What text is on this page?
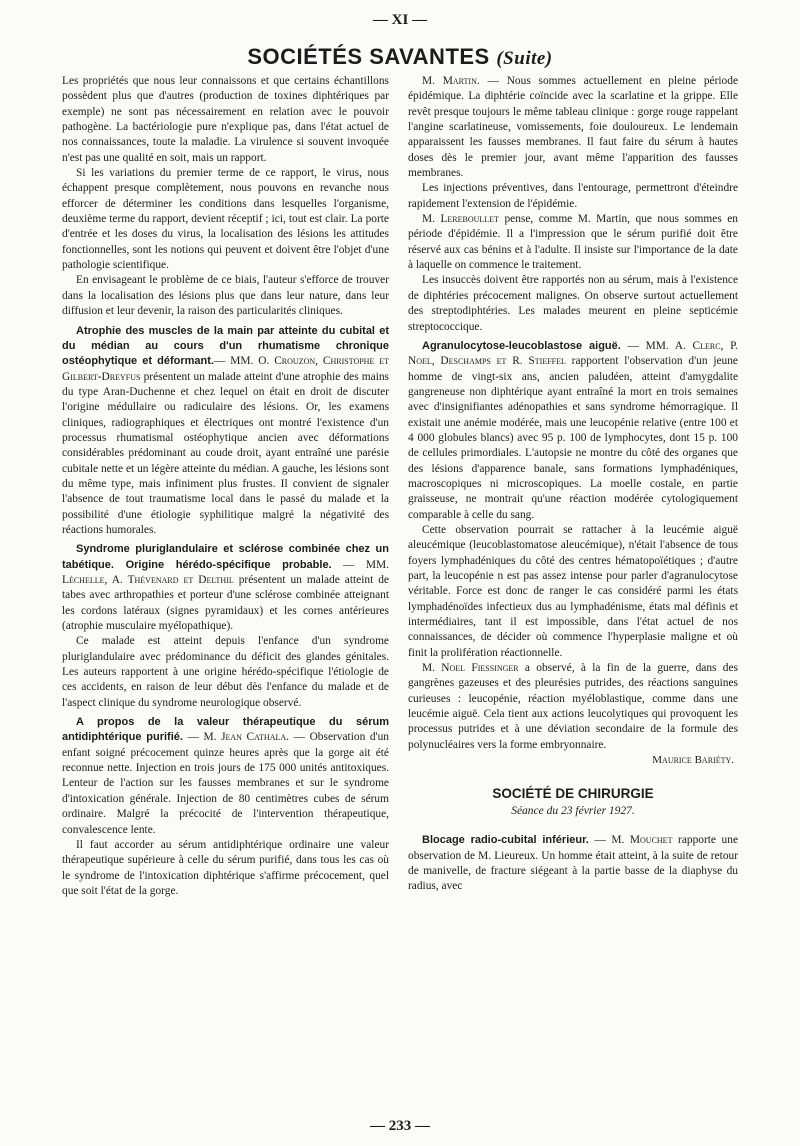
— XI —
SOCIÉTÉS SAVANTES (Suite)

Les propriétés que nous leur connaissons et que certains échantillons possèdent plus que d'autres (production de toxines diphtériques par exemple) ne sont pas nécessairement en relation avec le pouvoir pathogène. La bactériologie pure n'explique pas, dans l'état actuel de nos connaissances, toute la maladie. La virulence si souvent invoquée n'est pas une qualité en soit, mais un rapport.

Si les variations du premier terme de ce rapport, le virus, nous échappent presque complètement, nous pouvons en revanche nous efforcer de déterminer les conditions dans lesquelles l'organisme, deuxième terme du rapport, devient réceptif ; ici, tout est clair. La porte d'entrée et les doses du virus, la localisation des lésions les attitudes fonctionnelles, sont les notions qui peuvent et doivent être l'objet d'une pathologie scientifique.

En envisageant le problème de ce biais, l'auteur s'efforce de trouver dans la localisation des lésions plus que dans leur nature, dans leur diffusion et leur devenir, la raison des particularités cliniques.

Atrophie des muscles de la main par atteinte du cubital et du médian au cours d'un rhumatisme chronique ostéophytique et déformant.— MM. O. Crouzon, Christophe et Gilbert-Dreyfus présentent un malade atteint d'une atrophie des mains du type Aran-Duchenne et chez lequel on était en droit de discuter l'origine médullaire ou radiculaire des lésions. Or, les examens cliniques, radiographiques et électriques ont montré l'existence d'un processus rhumatismal ostéophytique ancien avec déformations considérables prédominant au coude droit, ayant entraîné une parésie cubitale nette et un légère atteinte du médian. A gauche, les lésions sont du même type, mais infiniment plus frustes. Il convient de signaler l'absence de tout traumatisme local dans le passé du malade et la possibilité d'une étiologie syphilitique malgré la négativité des réactions humorales.

Syndrome pluriglandulaire et sclérose combinée chez un tabétique. Origine hérédo-spécifique probable. — MM. Léchelle, A. Thévenard et Delthil présentent un malade atteint de tabes avec arthropathies et porteur d'une sclérose combinée atteignant les cordons latéraux (signes pyramidaux) et les cornes antérieures (atrophie musculaire myélopathique).

Ce malade est atteint depuis l'enfance d'un syndrome pluriglandulaire avec prédominance du déficit des glandes génitales. Les auteurs rapportent à une origine hérédo-spécifique l'étiologie de ces accidents, en raison de leur début dès l'enfance du malade et de l'aspect clinique du syndrome neurologique observé.

A propos de la valeur thérapeutique du sérum antidiphtérique purifié. — M. Jean Cathala. — Observation d'un enfant soigné précocement quinze heures après que la gorge ait été reconnue nette. Injection en trois jours de 175 000 unités antitoxiques. Lenteur de l'action sur les fausses membranes et sur le syndrome d'intoxication générale. Injection de 80 centimètres cubes de sérum ordinaire. Malgré la précocité de l'intervention thérapeutique, convalescence lente.

Il faut accorder au sérum antidiphtérique ordinaire une valeur thérapeutique supérieure à celle du sérum purifié, dans tous les cas où le syndrome de l'intoxication diphtérique s'affirme précocement, quel que soit l'état de la gorge.

M. Martin. — Nous sommes actuellement en pleine période épidémique. La diphtérie coïncide avec la scarlatine et la grippe. Elle revêt presque toujours le même tableau clinique : gorge rouge rappelant l'angine scarlatineuse, vomissements, foie douloureux. Le lendemain apparaissent les fausses membranes. Il faut faire du sérum à hautes doses dès le premier jour, avant même l'apparition des fausses membranes.

Les injections préventives, dans l'entourage, permettront d'éteindre rapidement l'extension de l'épidémie.

M. Lereboullet pense, comme M. Martin, que nous sommes en période d'épidémie. Il a l'impression que le sérum purifié doit être réservé aux cas bénins et à l'adulte. Il insiste sur l'importance de la date à laquelle on commence le traitement.

Les insuccès doivent être rapportés non au sérum, mais à l'existence de diphtéries précocement malignes. On observe surtout actuellement des streptodiphtéries. Les malades meurent en pleine septicémie streptococcique.

Agranulocytose-leucoblastose aiguë. — MM. A. Clerc, P. Noel, Deschamps et R. Stieffel rapportent l'observation d'un jeune homme de vingt-six ans, ancien paludéen, atteint d'amygdalite gangreneuse non diphtérique ayant entraîné la mort en trois semaines avec d'insignifiantes adénopathies et sans syndrome hémorragique. Il existait une anémie modérée, mais une leucopénie relative (entre 100 et 4 000 globules blancs) avec 95 p. 100 de lymphocytes, dont 15 p. 100 de cellules primordiales. L'autopsie ne montre du côté des organes que des lésions d'apparence banale, sans formations lymphadéniques, macroscopiques ni microscopiques. La moelle costale, en partie graisseuse, ne montrait qu'une réaction modérée cytologiquement comparable à celle du sang.

Cette observation pourrait se rattacher à la leucémie aiguë aleucémique (leucoblastomatose aleucémique), n'était l'absence de tous foyers lymphadéniques du côté des centres hématopoïétiques ; d'autre part, la leucopénie n est pas assez intense pour parler d'agranulocytose véritable. Force est donc de ranger le cas considéré parmi les états lymphadénoïdes infectieux dus au lymphadénisme, états mal définis et intermédiaires, tant il est impossible, dans l'état actuel de nos connaissances, de décider où commence l'hyperplasie maligne et où finit la prolifération réactionnelle.

M. Noel Fiessinger a observé, à la fin de la guerre, dans des gangrènes gazeuses et des pleurésies putrides, des réactions sanguines curieuses : leucopénie, réaction myéloblastique, comme dans une leucémie aiguë. Cela tient aux actions leucolytiques qui provoquent les processus putrides et à une déviation secondaire de la formule des polynucléaires vers la forme embryonnaire.

Maurice Bariéty.
SOCIÉTÉ DE CHIRURGIE
Séance du 23 février 1927.

Blocage radio-cubital inférieur. — M. Mouchet rapporte une observation de M. Lieureux. Un homme était atteint, à la suite de retour de manivelle, de fracture siégeant à la partie basse de la diaphyse du radius, avec

— 233 —
